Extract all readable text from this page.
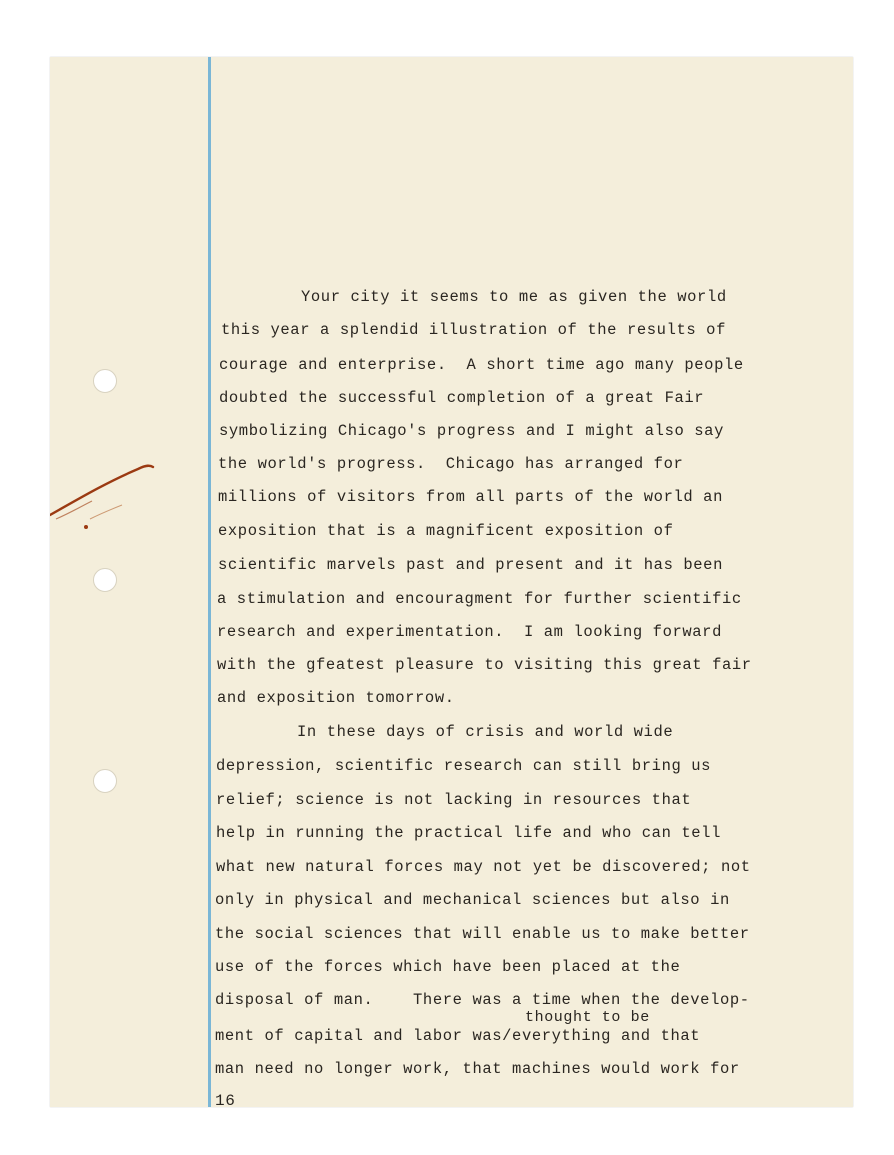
Your city it seems to me as given the world
this year a splendid illustration of the results of
courage and enterprise.  A short time ago many people
doubted the successful completion of a great Fair
symbolizing Chicago's progress and I might also say
the world's progress.  Chicago has arranged for
millions of visitors from all parts of the world an
exposition that is a magnificent exposition of
scientific marvels past and present and it has been
a stimulation and encouragment for further scientific
research and experimentation.  I am looking forward
with the gfeatest pleasure to visiting this great fair
and exposition tomorrow.
In these days of crisis and world wide
depression, scientific research can still bring us
relief; science is not lacking in resources that
help in running the practical life and who can tell
what new natural forces may not yet be discovered; not
only in physical and mechanical sciences but also in
the social sciences that will enable us to make better
use of the forces which have been placed at the
disposal of man.    There was a time when the develop-
thought to be
ment of capital and labor was/everything and that
man need no longer work, that machines would work for
16
